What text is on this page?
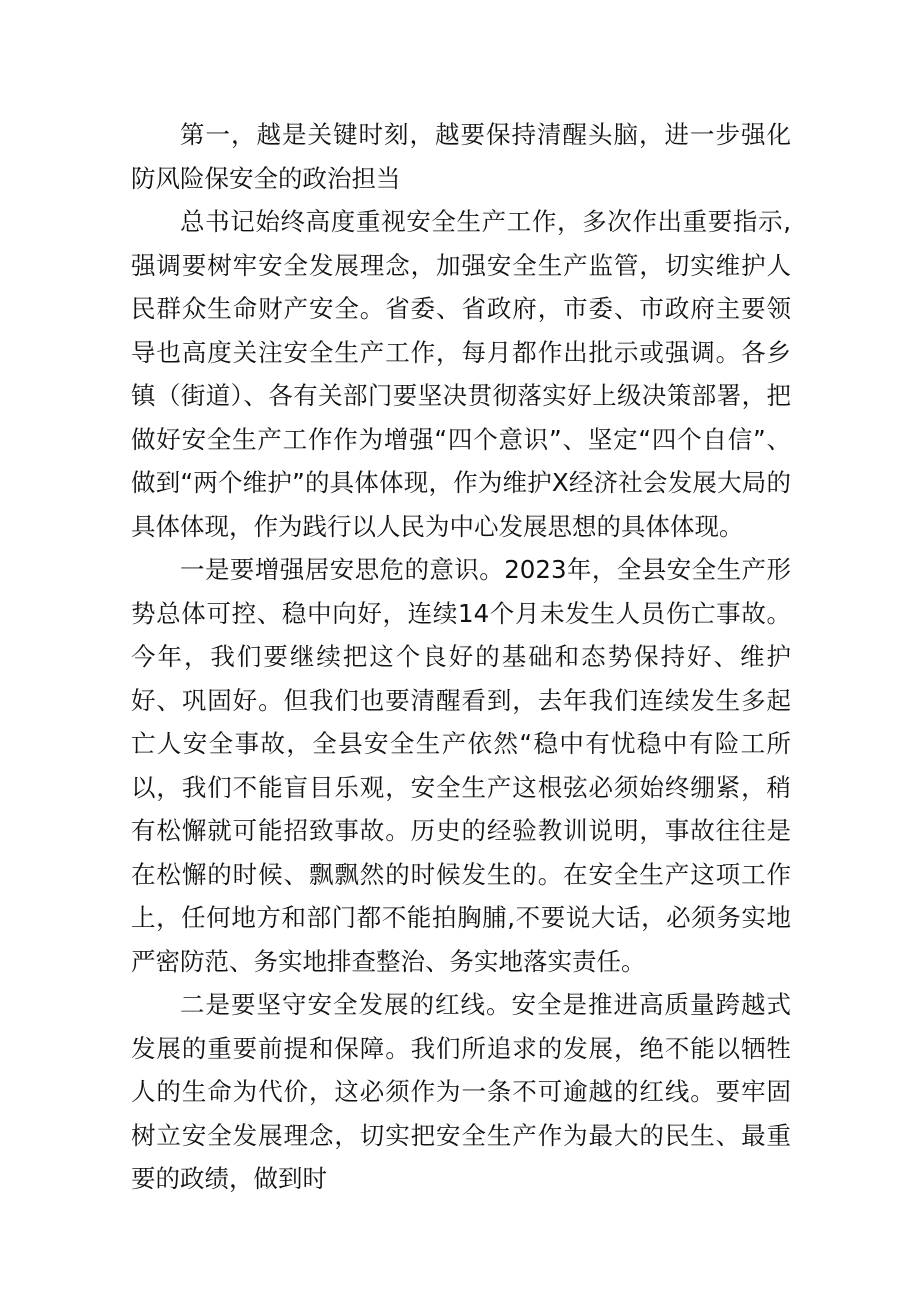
第一，越是关键时刻，越要保持清醒头脑，进一步强化防风险保安全的政治担当

总书记始终高度重视安全生产工作，多次作出重要指示,强调要树牢安全发展理念，加强安全生产监管，切实维护人民群众生命财产安全。省委、省政府，市委、市政府主要领导也高度关注安全生产工作，每月都作出批示或强调。各乡镇（街道）、各有关部门要坚决贯彻落实好上级决策部署，把做好安全生产工作作为增强“四个意识”、坚定“四个自信”、做到“两个维护”的具体体现，作为维护X经济社会发展大局的具体体现，作为践行以人民为中心发展思想的具体体现。

一是要增强居安思危的意识。2023年，全县安全生产形势总体可控、稳中向好，连续14个月未发生人员伤亡事故。今年，我们要继续把这个良好的基础和态势保持好、维护好、巩固好。但我们也要清醒看到，去年我们连续发生多起亡人安全事故，全县安全生产依然“稳中有忧稳中有险工所以，我们不能盲目乐观，安全生产这根弦必须始终绷紧，稍有松懈就可能招致事故。历史的经验教训说明，事故往往是在松懈的时候、飘飘然的时候发生的。在安全生产这项工作上，任何地方和部门都不能拍胸脯,不要说大话，必须务实地严密防范、务实地排查整治、务实地落实责任。

二是要坚守安全发展的红线。安全是推进高质量跨越式发展的重要前提和保障。我们所追求的发展，绝不能以牺牲人的生命为代价，这必须作为一条不可逾越的红线。要牢固树立安全发展理念，切实把安全生产作为最大的民生、最重要的政绩，做到时
